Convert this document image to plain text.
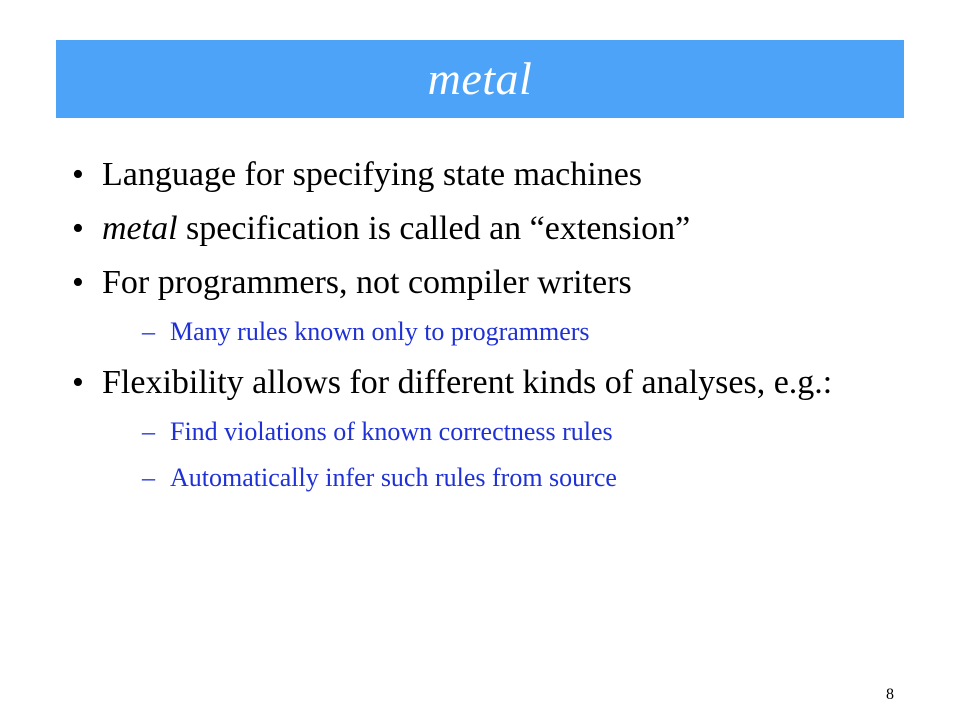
metal
• Language for specifying state machines
• metal specification is called an “extension”
• For programmers, not compiler writers
– Many rules known only to programmers
• Flexibility allows for different kinds of analyses, e.g.:
– Find violations of known correctness rules
– Automatically infer such rules from source
8
